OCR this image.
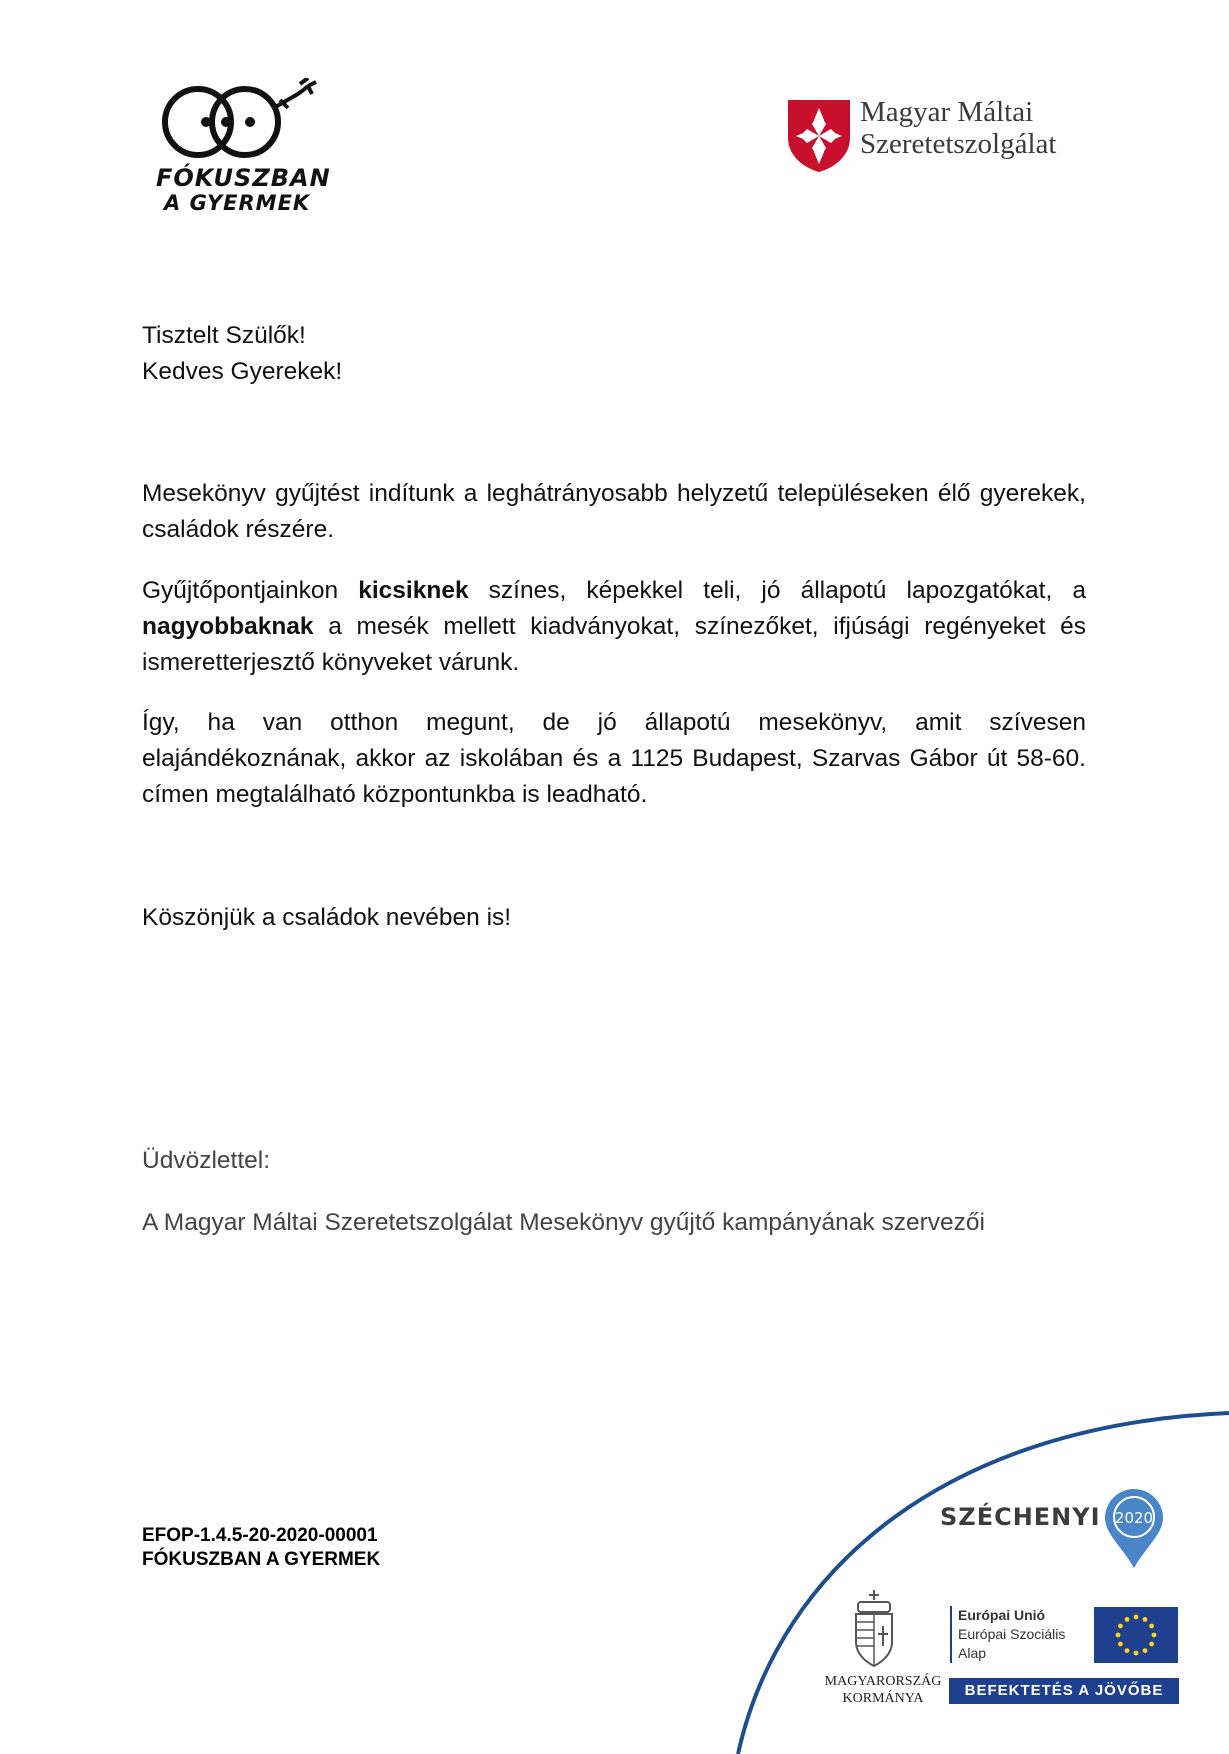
FÓKUSZBAN
A GYERMEK
Magyar Máltai
Szeretetszolgálat
Tisztelt Szülők!
Kedves Gyerekek!
Mesekönyv gyűjtést indítunk a leghátrányosabb helyzetű településeken élő gyerekek, családok részére.
Gyűjtőpontjainkon kicsiknek színes, képekkel teli, jó állapotú lapozgatókat, a nagyobbaknak a mesék mellett kiadványokat, színezőket, ifjúsági regényeket és ismeretterjesztő könyveket várunk.
Így, ha van otthon megunt, de jó állapotú mesekönyv, amit szívesen elajándékoznának, akkor az iskolában és a 1125 Budapest, Szarvas Gábor út 58-60. címen megtalálható központunkba is leadható.
Köszönjük a családok nevében is!
Üdvözlettel:
A Magyar Máltai Szeretetszolgálat Mesekönyv gyűjtő kampányának szervezői
EFOP-1.4.5-20-2020-00001
FÓKUSZBAN A GYERMEK
SZÉCHENYI 2020
MAGYARORSZÁG
KORMÁNYA
Európai Unió
Európai Szociális
Alap
BEFEKTETÉS A JÖVŐBE
